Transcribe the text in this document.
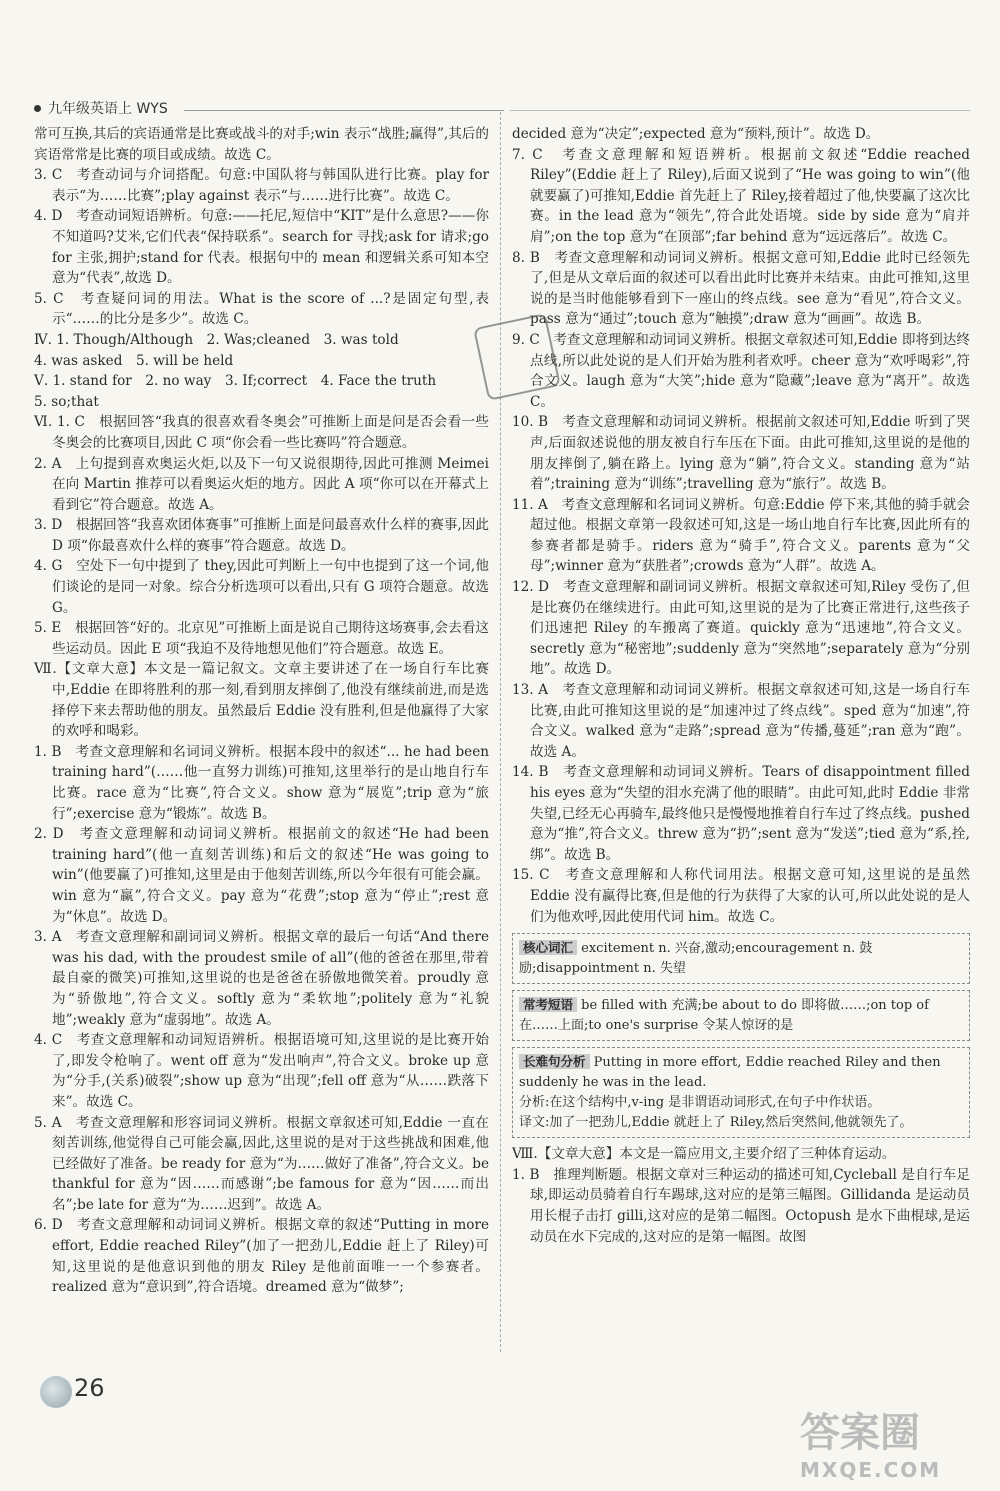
九年级英语上 WYS

常可互换,其后的宾语通常是比赛或战斗的对手;win 表示“战胜;赢得”,其后的宾语常常是比赛的项目或成绩。故选 C。

3. C　考查动词与介词搭配。句意:中国队将与韩国队进行比赛。play for 表示“为……比赛”;play against 表示“与……进行比赛”。故选 C。

4. D　考查动词短语辨析。句意:——托尼,短信中“KIT”是什么意思?——你不知道吗?艾米,它们代表“保持联系”。search for 寻找;ask for 请求;go for 主张,拥护;stand for 代表。根据句中的 mean 和逻辑关系可知本空意为“代表”,故选 D。

5. C　考查疑问词的用法。What is the score of ...?是固定句型,表示“……的比分是多少”。故选 C。

Ⅳ. 1. Though/Although　2. Was;cleaned　3. was told

4. was asked　5. will be held

Ⅴ. 1. stand for　2. no way　3. If;correct　4. Face the truth

5. so;that

Ⅵ. 1. C　根据回答“我真的很喜欢看冬奥会”可推断上面是问是否会看一些冬奥会的比赛项目,因此 C 项“你会看一些比赛吗”符合题意。

2. A　上句提到喜欢奥运火炬,以及下一句又说很期待,因此可推测 Meimei 在向 Martin 推荐可以看奥运火炬的地方。因此 A 项“你可以在开幕式上看到它”符合题意。故选 A。

3. D　根据回答“我喜欢团体赛事”可推断上面是问最喜欢什么样的赛事,因此 D 项“你最喜欢什么样的赛事”符合题意。故选 D。

4. G　空处下一句中提到了 they,因此可判断上一句中也提到了这一个词,他们谈论的是同一对象。综合分析选项可以看出,只有 G 项符合题意。故选 G。

5. E　根据回答“好的。北京见”可推断上面是说自己期待这场赛事,会去看这些运动员。因此 E 项“我迫不及待地想见他们”符合题意。故选 E。

Ⅶ.【文章大意】本文是一篇记叙文。文章主要讲述了在一场自行车比赛中,Eddie 在即将胜利的那一刻,看到朋友摔倒了,他没有继续前进,而是选择停下来去帮助他的朋友。虽然最后 Eddie 没有胜利,但是他赢得了大家的欢呼和喝彩。

1. B　考查文意理解和名词词义辨析。根据本段中的叙述“... he had been training hard”(……他一直努力训练)可推知,这里举行的是山地自行车比赛。race 意为“比赛”,符合文义。show 意为“展览”;trip 意为“旅行”;exercise 意为“锻炼”。故选 B。

2. D　考查文意理解和动词词义辨析。根据前文的叙述“He had been training hard”(他一直刻苦训练)和后文的叙述“He was going to win”(他要赢了)可推知,这里是由于他刻苦训练,所以今年很有可能会赢。win 意为“赢”,符合文义。pay 意为“花费”;stop 意为“停止”;rest 意为“休息”。故选 D。

3. A　考查文意理解和副词词义辨析。根据文章的最后一句话“And there was his dad, with the proudest smile of all”(他的爸爸在那里,带着最自豪的微笑)可推知,这里说的也是爸爸在骄傲地微笑着。proudly 意为“骄傲地”,符合文义。softly 意为“柔软地”;politely 意为“礼貌地”;weakly 意为“虚弱地”。故选 A。

4. C　考查文意理解和动词短语辨析。根据语境可知,这里说的是比赛开始了,即发令枪响了。went off 意为“发出响声”,符合文义。broke up 意为“分手,(关系)破裂”;show up 意为“出现”;fell off 意为“从……跌落下来”。故选 C。

5. A　考查文意理解和形容词词义辨析。根据文章叙述可知,Eddie 一直在刻苦训练,他觉得自己可能会赢,因此,这里说的是对于这些挑战和困难,他已经做好了准备。be ready for 意为“为……做好了准备”,符合文义。be thankful for 意为“因……而感谢”;be famous for 意为“因……而出名”;be late for 意为“为……迟到”。故选 A。

6. D　考查文意理解和动词词义辨析。根据文章的叙述“Putting in more effort, Eddie reached Riley”(加了一把劲儿,Eddie 赶上了 Riley)可知,这里说的是他意识到他的朋友 Riley 是他前面唯一一个参赛者。realized 意为“意识到”,符合语境。dreamed 意为“做梦”;

decided 意为“决定”;expected 意为“预料,预计”。故选 D。

7. C　考查文意理解和短语辨析。根据前文叙述“Eddie reached Riley”(Eddie 赶上了 Riley),后面又说到了“He was going to win”(他就要赢了)可推知,Eddie 首先赶上了 Riley,接着超过了他,快要赢了这次比赛。in the lead 意为“领先”,符合此处语境。side by side 意为“肩并肩”;on the top 意为“在顶部”;far behind 意为“远远落后”。故选 C。

8. B　考查文意理解和动词词义辨析。根据文意可知,Eddie 此时已经领先了,但是从文章后面的叙述可以看出此时比赛并未结束。由此可推知,这里说的是当时他能够看到下一座山的终点线。see 意为“看见”,符合文义。pass 意为“通过”;touch 意为“触摸”;draw 意为“画画”。故选 B。

9. C　考查文意理解和动词词义辨析。根据文章叙述可知,Eddie 即将到达终点线,所以此处说的是人们开始为胜利者欢呼。cheer 意为“欢呼喝彩”,符合文义。laugh 意为“大笑”;hide 意为“隐藏”;leave 意为“离开”。故选 C。

10. B　考查文意理解和动词词义辨析。根据前文叙述可知,Eddie 听到了哭声,后面叙述说他的朋友被自行车压在下面。由此可推知,这里说的是他的朋友摔倒了,躺在路上。lying 意为“躺”,符合文义。standing 意为“站着”;training 意为“训练”;travelling 意为“旅行”。故选 B。

11. A　考查文意理解和名词词义辨析。句意:Eddie 停下来,其他的骑手就会超过他。根据文章第一段叙述可知,这是一场山地自行车比赛,因此所有的参赛者都是骑手。riders 意为“骑手”,符合文义。parents 意为“父母”;winner 意为“获胜者”;crowds 意为“人群”。故选 A。

12. D　考查文意理解和副词词义辨析。根据文章叙述可知,Riley 受伤了,但是比赛仍在继续进行。由此可知,这里说的是为了比赛正常进行,这些孩子们迅速把 Riley 的车搬离了赛道。quickly 意为“迅速地”,符合文义。secretly 意为“秘密地”;suddenly 意为“突然地”;separately 意为“分别地”。故选 D。

13. A　考查文意理解和动词词义辨析。根据文章叙述可知,这是一场自行车比赛,由此可推知这里说的是“加速冲过了终点线”。sped 意为“加速”,符合文义。walked 意为“走路”;spread 意为“传播,蔓延”;ran 意为“跑”。故选 A。

14. B　考查文意理解和动词词义辨析。Tears of disappointment filled his eyes 意为“失望的泪水充满了他的眼睛”。由此可知,此时 Eddie 非常失望,已经无心再骑车,最终他只是慢慢地推着自行车过了终点线。pushed 意为“推”,符合文义。threw 意为“扔”;sent 意为“发送”;tied 意为“系,拴,绑”。故选 B。

15. C　考查文意理解和人称代词用法。根据文意可知,这里说的是虽然 Eddie 没有赢得比赛,但是他的行为获得了大家的认可,所以此处说的是人们为他欢呼,因此使用代词 him。故选 C。

核心词汇 excitement n. 兴奋,激动;encouragement n. 鼓励;disappointment n. 失望
常考短语 be filled with 充满;be about to do 即将做……;on top of 在……上面;to one's surprise 令某人惊讶的是
长难句分析 Putting in more effort, Eddie reached Riley and then suddenly he was in the lead.
分析:在这个结构中,v-ing 是非谓语动词形式,在句子中作状语。
译文:加了一把劲儿,Eddie 就赶上了 Riley,然后突然间,他就领先了。

Ⅷ.【文章大意】本文是一篇应用文,主要介绍了三种体育运动。

1. B　推理判断题。根据文章对三种运动的描述可知,Cycleball 是自行车足球,即运动员骑着自行车踢球,这对应的是第三幅图。Gillidanda 是运动员用长棍子击打 gilli,这对应的是第二幅图。Octopush 是水下曲棍球,是运动员在水下完成的,这对应的是第一幅图。故图

26
答案圈
MXQE.COM
